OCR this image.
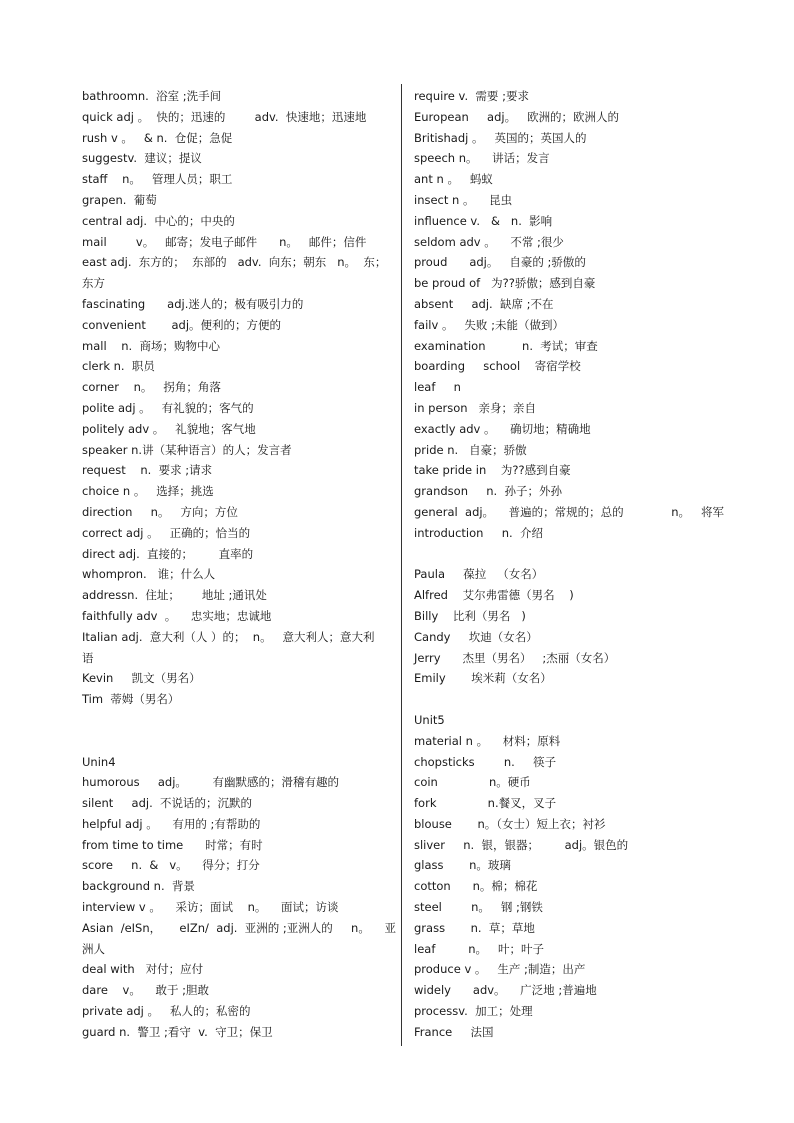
bathroomn.  浴室 ;洗手间
quick adj 。  快的；迅速的        adv.  快速地；迅速地
rush v 。   & n.  仓促；急促
suggestv.  建议；提议
staff    n。   管理人员；职工
grapen.  葡萄
central adj.  中心的；中央的
mail        v。   邮寄；发电子邮件      n。   邮件；信件
east adj.  东方的；  东部的   adv.  向东；朝东   n。  东；
东方
fascinating      adj.迷人的；极有吸引力的
convenient       adj。便利的；方便的
mall    n.  商场；购物中心
clerk n.  职员
corner    n。   拐角；角落
polite adj 。   有礼貌的；客气的
politely adv 。   礼貌地；客气地
speaker n.讲（某种语言）的人；发言者
request    n.  要求 ;请求
choice n 。   选择；挑选
direction     n。   方向；方位
correct adj 。   正确的；恰当的
direct adj.  直接的；       直率的
whompron.   谁；什么人
addressn.  住址；      地址 ;通讯处
faithfully adv  。    忠实地；忠诚地
Italian adj.  意大利（人 ）的；  n。   意大利人；意大利
语
Kevin     凯文（男名）
Tim  蒂姆（男名）
Unin4
humorous     adj。       有幽默感的；滑稽有趣的
silent     adj.  不说话的；沉默的
helpful adj 。    有用的 ;有帮助的
from time to time      时常；有时
score     n.  &   v。    得分；打分
background n.  背景
interview v 。    采访；面试    n。    面试；访谈
Asian  /eISn，     eIZn/  adj.  亚洲的 ;亚洲人的     n。    亚
洲人
deal with   对付；应付
dare    v。    敢于 ;胆敢
private adj 。   私人的；私密的
guard n.  警卫 ;看守  v.  守卫；保卫
require v.  需要 ;要求
European     adj。   欧洲的；欧洲人的
Britishadj 。   英国的；英国人的
speech n。    讲话；发言
ant n 。   蚂蚁
insect n 。    昆虫
influence v.   &   n.  影响
seldom adv 。    不常 ;很少
proud      adj。   自豪的 ;骄傲的
be proud of   为??骄傲；感到自豪
absent     adj.  缺席 ;不在
failv 。   失败 ;未能（做到）
examination          n.  考试；审查
boarding     school    寄宿学校
leaf     n
in person   亲身；亲自
exactly adv 。    确切地；精确地
pride n.   自豪；骄傲
take pride in    为??感到自豪
grandson     n.  孙子；外孙
general  adj。    普遍的；常规的；总的             n。   将军
introduction     n.  介绍
Paula     葆拉   （女名）
Alfred    艾尔弗雷德（男名    )
Billy    比利（男名   )
Candy     坎迪（女名）
Jerry      杰里（男名）   ;杰丽（女名）
Emily       埃米莉（女名）
Unit5
material n 。    材料；原料
chopsticks        n.     筷子
coin              n。硬币
fork              n.餐叉，叉子
blouse       n。（女士）短上衣；衬衫
sliver     n.  银，银器；       adj。银色的
glass       n。玻璃
cotton      n。棉；棉花
steel        n。   钢 ;钢铁
grass       n.  草；草地
leaf         n。   叶；叶子
produce v 。   生产 ;制造；出产
widely      adv。    广泛地 ;普遍地
processv.  加工；处理
France     法国
